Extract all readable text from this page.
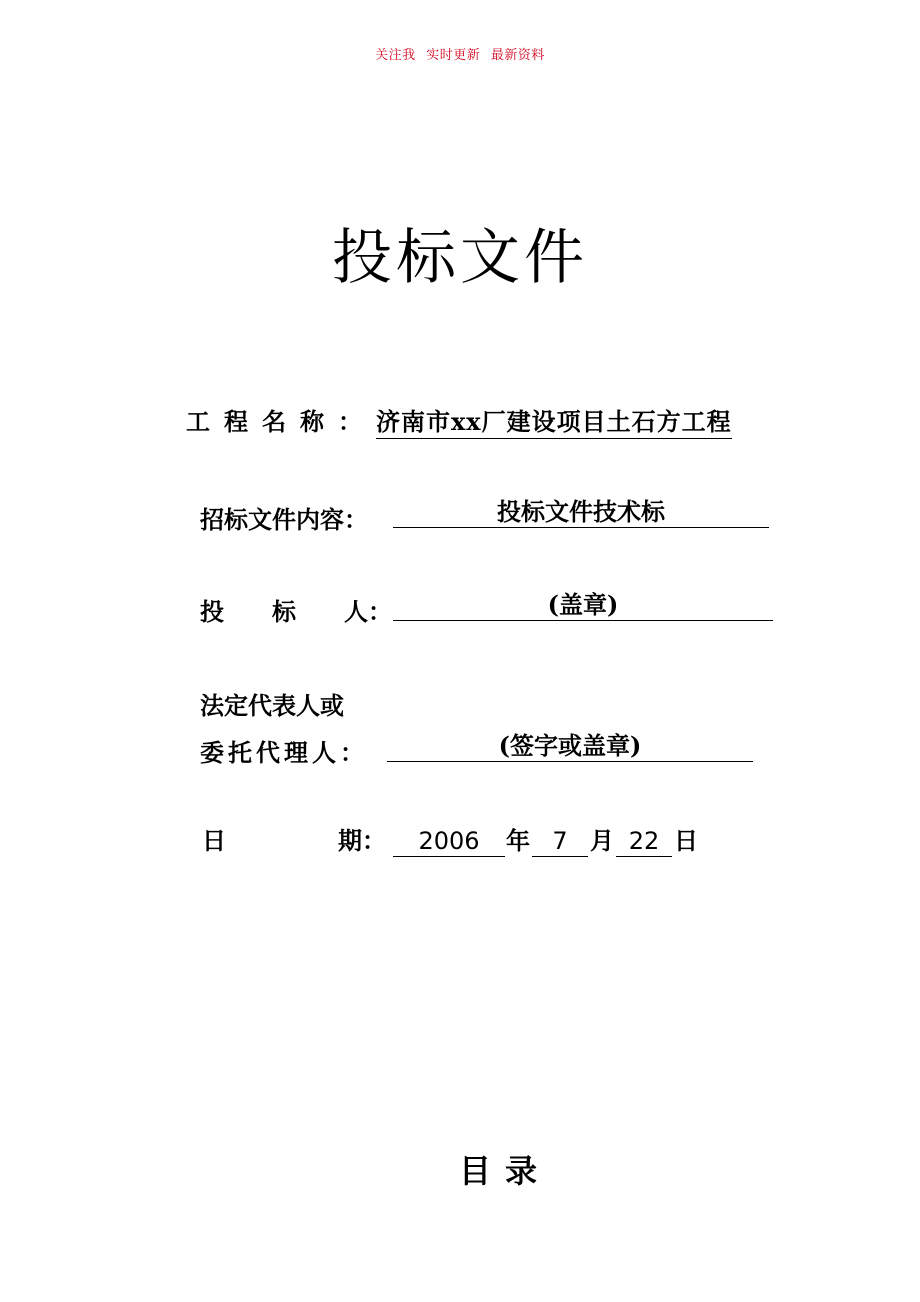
关注我 实时更新 最新资料
投标文件
工程名称：济南市xx厂建设项目土石方工程
招标文件内容：	投标文件技术标
投　　标　　人：	(盖章)
法定代表人或
委托代理人：	(签字或盖章)
日	期：	2006	年 7 月 22 日
目录
